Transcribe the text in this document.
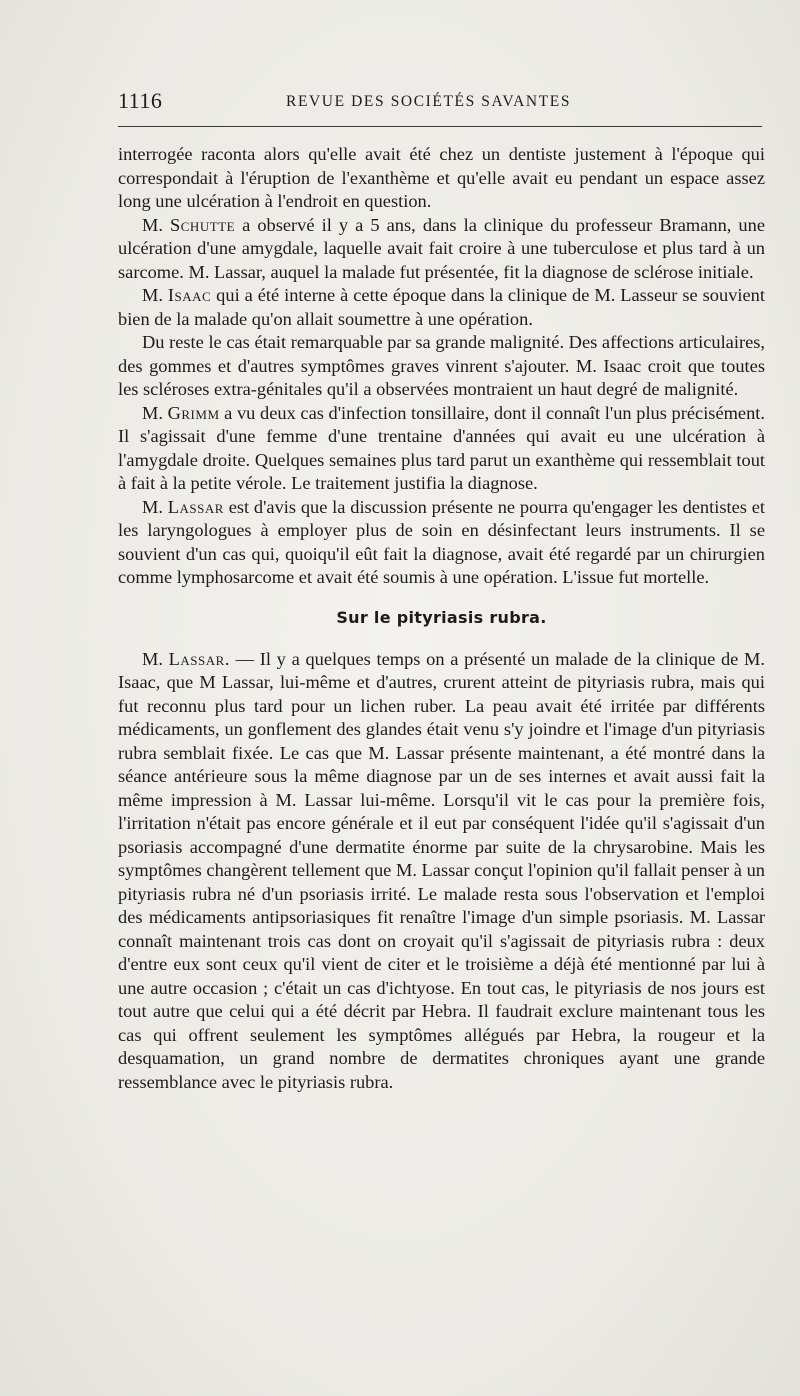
1116	REVUE DES SOCIÉTÉS SAVANTES

interrogée raconta alors qu'elle avait été chez un dentiste justement à l'époque qui correspondait à l'éruption de l'exanthème et qu'elle avait eu pendant un espace assez long une ulcération à l'endroit en question.

M. Schutte a observé il y a 5 ans, dans la clinique du professeur Bramann, une ulcération d'une amygdale, laquelle avait fait croire à une tuberculose et plus tard à un sarcome. M. Lassar, auquel la malade fut présentée, fit la diagnose de sclérose initiale.

M. Isaac qui a été interne à cette époque dans la clinique de M. Lasseur se souvient bien de la malade qu'on allait soumettre à une opération.

Du reste le cas était remarquable par sa grande malignité. Des affections articulaires, des gommes et d'autres symptômes graves vinrent s'ajouter. M. Isaac croit que toutes les scléroses extra-génitales qu'il a observées montraient un haut degré de malignité.

M. Grimm a vu deux cas d'infection tonsillaire, dont il connaît l'un plus précisément. Il s'agissait d'une femme d'une trentaine d'années qui avait eu une ulcération à l'amygdale droite. Quelques semaines plus tard parut un exanthème qui ressemblait tout à fait à la petite vérole. Le traitement justifia la diagnose.

M. Lassar est d'avis que la discussion présente ne pourra qu'engager les dentistes et les laryngologues à employer plus de soin en désinfectant leurs instruments. Il se souvient d'un cas qui, quoiqu'il eût fait la diagnose, avait été regardé par un chirurgien comme lymphosarcome et avait été soumis à une opération. L'issue fut mortelle.

Sur le pityriasis rubra.

M. Lassar. — Il y a quelques temps on a présenté un malade de la clinique de M. Isaac, que M Lassar, lui-même et d'autres, crurent atteint de pityriasis rubra, mais qui fut reconnu plus tard pour un lichen ruber. La peau avait été irritée par différents médicaments, un gonflement des glandes était venu s'y joindre et l'image d'un pityriasis rubra semblait fixée. Le cas que M. Lassar présente maintenant, a été montré dans la séance antérieure sous la même diagnose par un de ses internes et avait aussi fait la même impression à M. Lassar lui-même. Lorsqu'il vit le cas pour la première fois, l'irritation n'était pas encore générale et il eut par conséquent l'idée qu'il s'agissait d'un psoriasis accompagné d'une dermatite énorme par suite de la chrysarobine. Mais les symptômes changèrent tellement que M. Lassar conçut l'opinion qu'il fallait penser à un pityriasis rubra né d'un psoriasis irrité. Le malade resta sous l'observation et l'emploi des médicaments antipsoriasiques fit renaître l'image d'un simple psoriasis. M. Lassar connaît maintenant trois cas dont on croyait qu'il s'agissait de pityriasis rubra : deux d'entre eux sont ceux qu'il vient de citer et le troisième a déjà été mentionné par lui à une autre occasion ; c'était un cas d'ichtyose. En tout cas, le pityriasis de nos jours est tout autre que celui qui a été décrit par Hebra. Il faudrait exclure maintenant tous les cas qui offrent seulement les symptômes allégués par Hebra, la rougeur et la desquamation, un grand nombre de dermatites chroniques ayant une grande ressemblance avec le pityriasis rubra.
